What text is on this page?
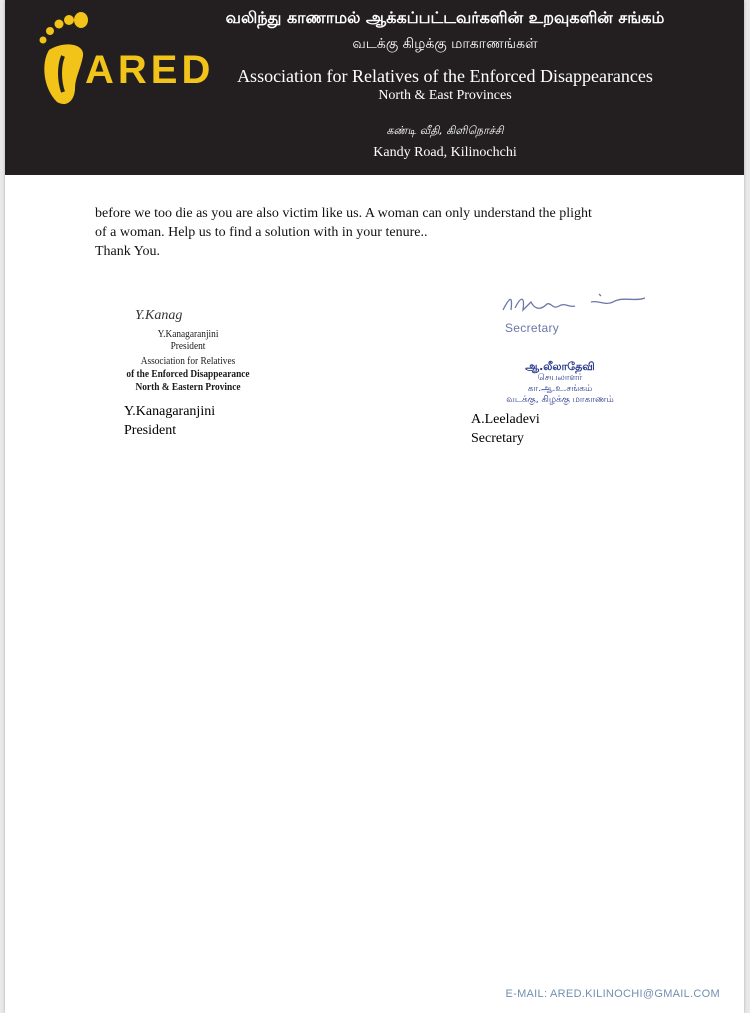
ARED
வலிந்து காணாமல் ஆக்கப்பட்டவர்களின் உறவுகளின் சங்கம்
வடக்கு கிழக்கு மாகாணங்கள்
Association for Relatives of the Enforced Disappearances
North & East Provinces
கண்டி வீதி, கிளிநொச்சி
Kandy Road, Kilinochchi

before we too die as you are also victim like us. A woman can only understand the plight

of a woman. Help us to find a solution with in your tenure..

Thank You.

Y.Kanag
Y.Kanagaranjini
President
Association for Relatives
of the Enforced Disappearance
North & Eastern Province
Y.Kanagaranjini
President
Secretary
ஆ.லீலாதேவி
செயலாளர்
கா.ஆ.உ.சங்கம்
வடக்கு, கிழக்கு மாகாணம்
A.Leeladevi
Secretary
E-MAIL: ARED.KILINOCHI@GMAIL.COM
